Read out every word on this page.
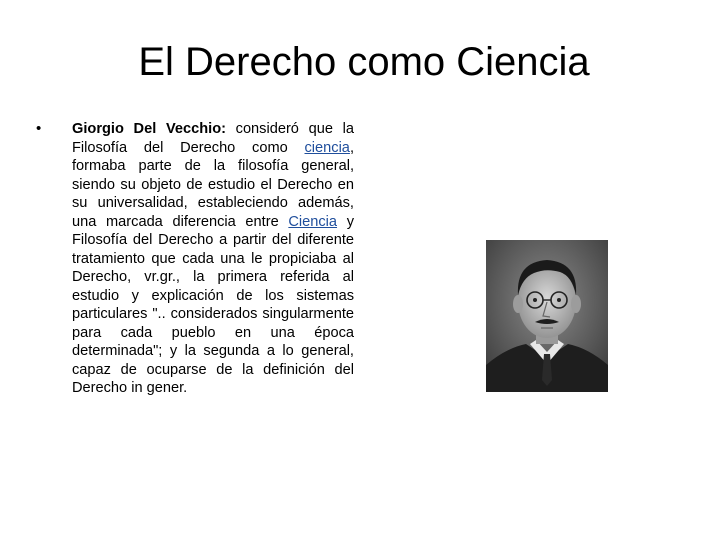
El Derecho como Ciencia
• Giorgio Del Vecchio: consideró que la Filosofía del Derecho como ciencia, formaba parte de la filosofía general, siendo su objeto de estudio el Derecho en su universalidad, estableciendo además, una marcada diferencia entre Ciencia y Filosofía del Derecho a partir del diferente tratamiento que cada una le propiciaba al Derecho, vr.gr., la primera referida al estudio y explicación de los sistemas particulares ".. considerados singularmente para cada pueblo en una época determinada"; y la segunda a lo general, capaz de ocuparse de la definición del Derecho in gener.
